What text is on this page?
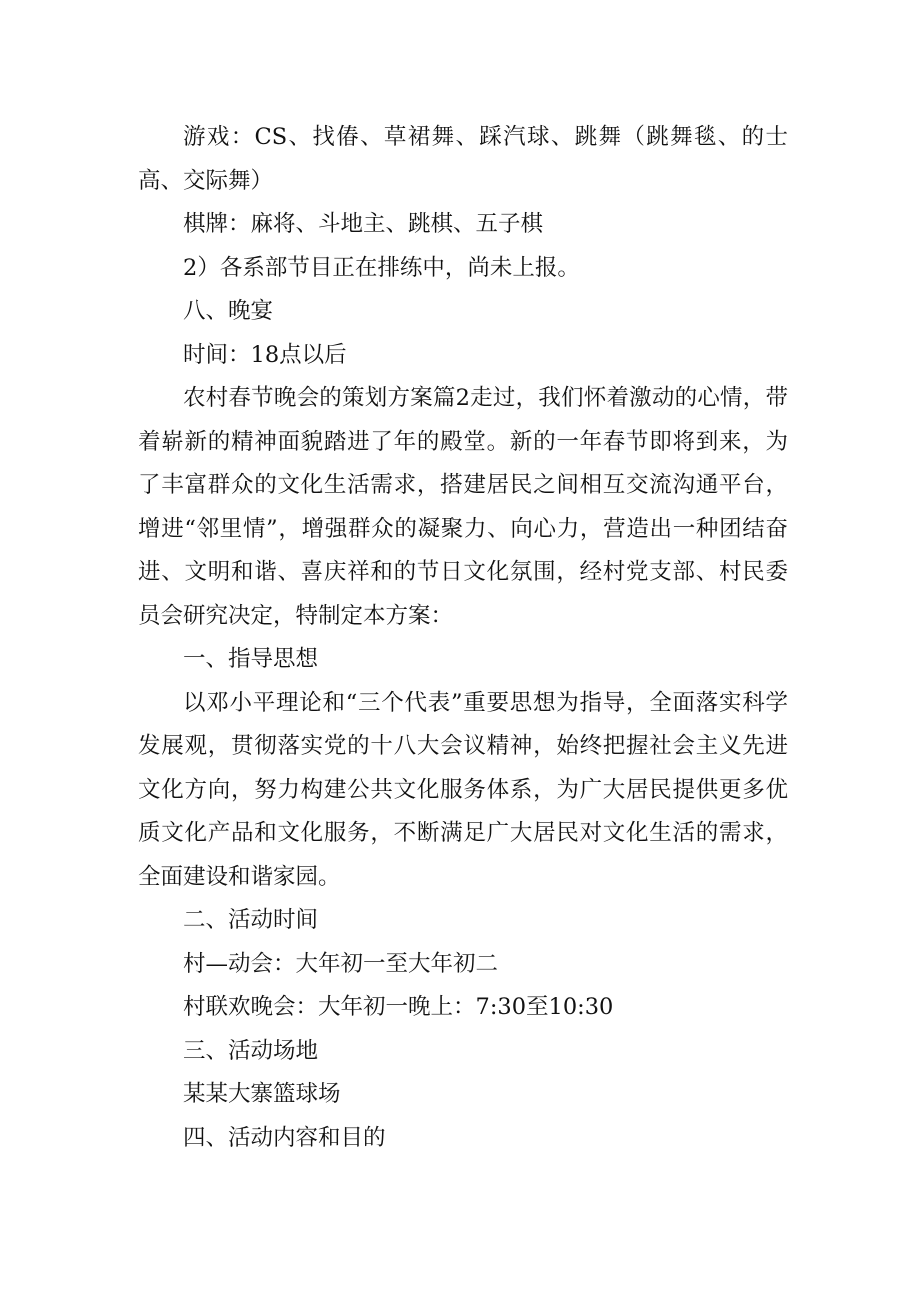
游戏：CS、找偆、草裙舞、踩汽球、跳舞（跳舞毯、的士高、交际舞）

棋牌：麻将、斗地主、跳棋、五子棋

2）各系部节目正在排练中，尚未上报。

八、晚宴

时间：18点以后

农村春节晚会的策划方案篇2走过，我们怀着激动的心情，带着崭新的精神面貌踏进了年的殿堂。新的一年春节即将到来，为了丰富群众的文化生活需求，搭建居民之间相互交流沟通平台，增进“邻里情”，增强群众的凝聚力、向心力，营造出一种团结奋进、文明和谐、喜庆祥和的节日文化氛围，经村党支部、村民委员会研究决定，特制定本方案：

一、指导思想

以邓小平理论和“三个代表”重要思想为指导，全面落实科学发展观，贯彻落实党的十八大会议精神，始终把握社会主义先进文化方向，努力构建公共文化服务体系，为广大居民提供更多优质文化产品和文化服务，不断满足广大居民对文化生活的需求，全面建设和谐家园。

二、活动时间

村—动会：大年初一至大年初二

村联欢晚会：大年初一晚上：7:30至10:30

三、活动场地

某某大寨篮球场

四、活动内容和目的
